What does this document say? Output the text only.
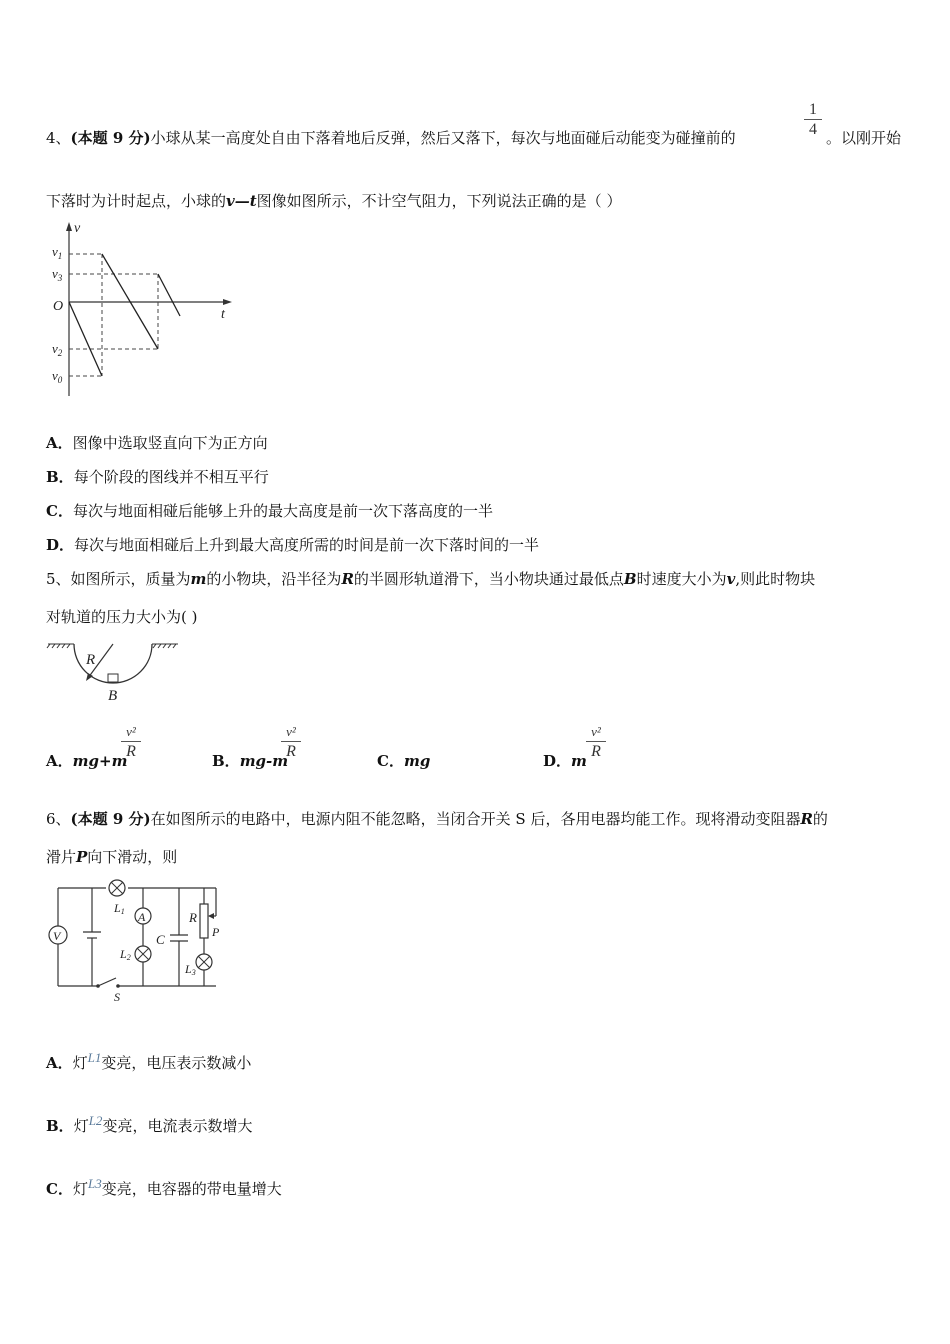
4、(本题 9 分)小球从某一高度处自由下落着地后反弹，然后又落下，每次与地面碰后动能变为碰撞前的
1
4 。以刚开始
下落时为计时起点，小球的v—t图像如图所示，不计空气阻力，下列说法正确的是（ ）
v
t
O
$v_1$
$v_3$
$v_2$
$v_0$
A．图像中选取竖直向下为正方向
B．每个阶段的图线并不相互平行
C．每次与地面相碰后能够上升的最大高度是前一次下落高度的一半
D．每次与地面相碰后上升到最大高度所需的时间是前一次下落时间的一半
5、如图所示，质量为m的小物块，沿半径为R的半圆形轨道滑下，当小物块通过最低点B时速度大小为v,则此时物块
对轨道的压力大小为( )
R
B
A．mg+m
v²
R
B．mg-m
v²
R
C．mg	D．m
v²
R
6、(本题 9 分)在如图所示的电路中，电源内阻不能忽略，当闭合开关 S 后，各用电器均能工作。现将滑动变阻器R的
滑片P向下滑动，则
V
L1 A
L2
C
R
P
L3
S
A．灯L1变亮，电压表示数减小
B．灯L2变亮，电流表示数增大
C．灯L3变亮，电容器的带电量增大
